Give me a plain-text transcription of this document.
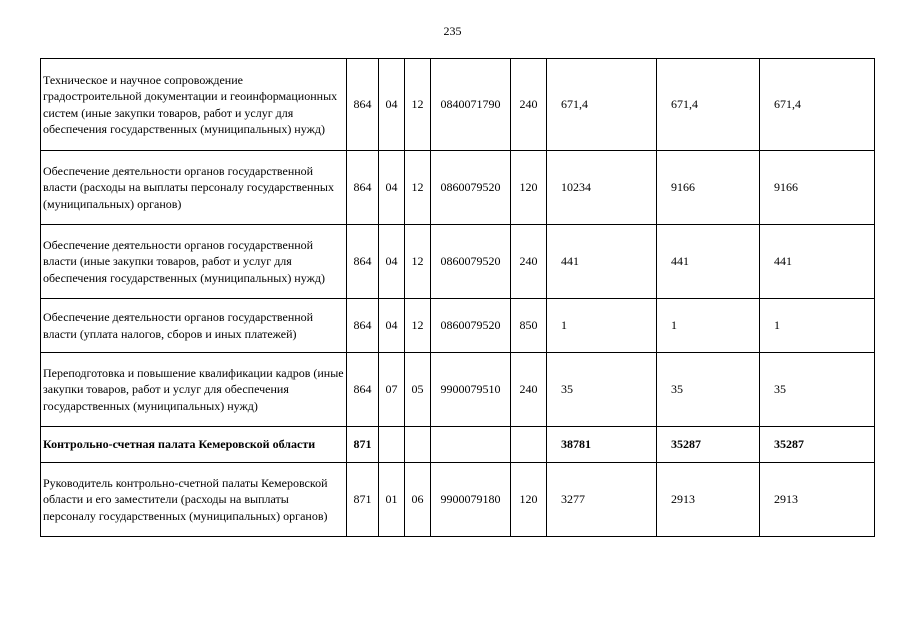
235
Техническое и научное сопровождение градостроительной документации и геоинформационных систем (иные закупки товаров, работ и услуг для обеспечения государственных (муниципальных) нужд)	864	04	12	0840071790	240	671,4	671,4	671,4
Обеспечение деятельности органов государственной власти (расходы на выплаты персоналу государственных (муниципальных) органов)	864	04	12	0860079520	120	10234	9166	9166
Обеспечение деятельности органов государственной власти (иные закупки товаров, работ и услуг для обеспечения государственных (муниципальных) нужд)	864	04	12	0860079520	240	441	441	441
Обеспечение деятельности органов государственной власти (уплата налогов, сборов и иных платежей)	864	04	12	0860079520	850	1	1	1
Переподготовка и повышение квалификации кадров (иные закупки товаров, работ и услуг для обеспечения государственных (муниципальных) нужд)	864	07	05	9900079510	240	35	35	35
Контрольно-счетная палата Кемеровской области	871					38781	35287	35287
Руководитель контрольно-счетной палаты Кемеровской области и его заместители (расходы на выплаты персоналу государственных (муниципальных) органов)	871	01	06	9900079180	120	3277	2913	2913
